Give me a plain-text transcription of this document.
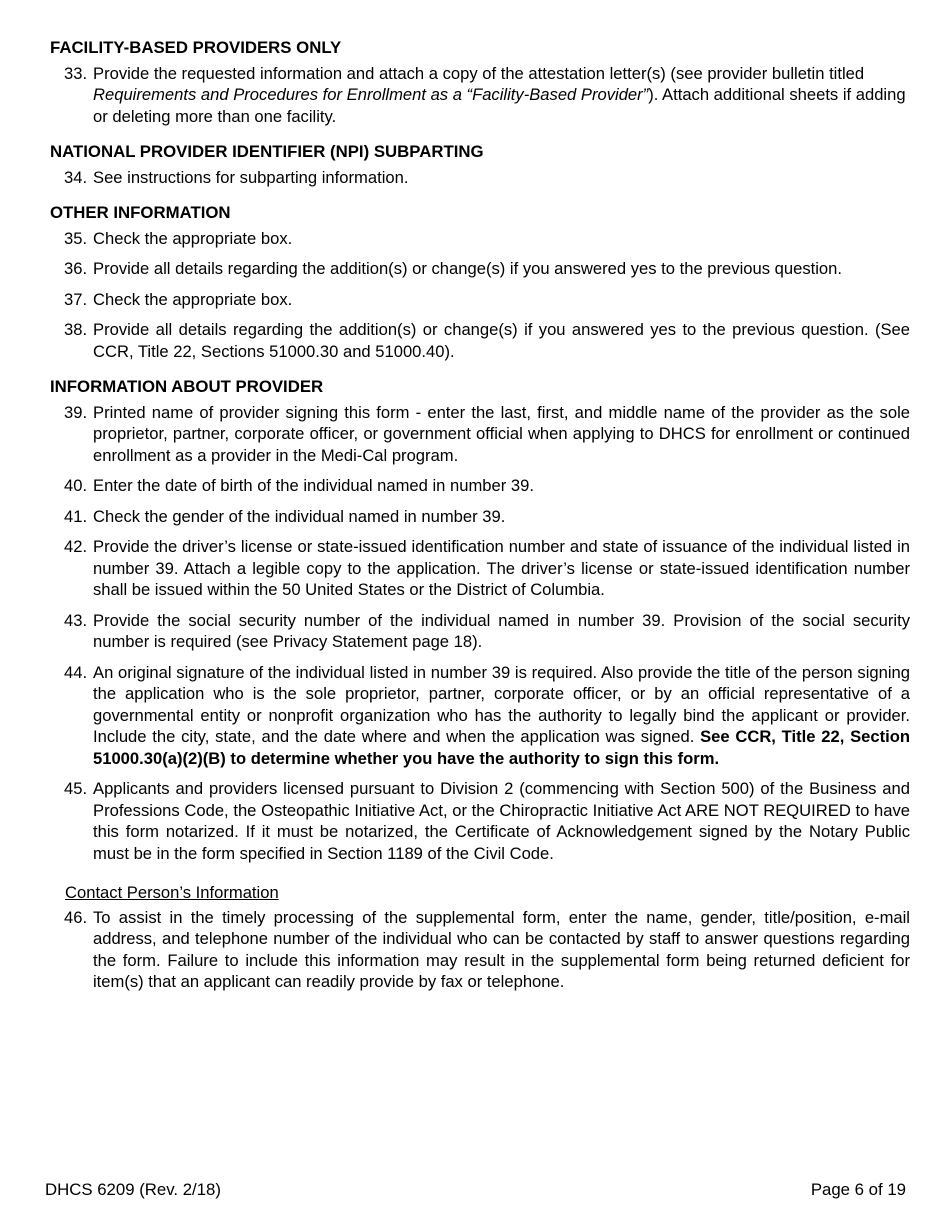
FACILITY-BASED PROVIDERS ONLY
33. Provide the requested information and attach a copy of the attestation letter(s) (see provider bulletin titled Requirements and Procedures for Enrollment as a “Facility-Based Provider”). Attach additional sheets if adding or deleting more than one facility.
NATIONAL PROVIDER IDENTIFIER (NPI) SUBPARTING
34. See instructions for subparting information.
OTHER INFORMATION
35. Check the appropriate box.
36. Provide all details regarding the addition(s) or change(s) if you answered yes to the previous question.
37. Check the appropriate box.
38. Provide all details regarding the addition(s) or change(s) if you answered yes to the previous question. (See CCR, Title 22, Sections 51000.30 and 51000.40).
INFORMATION ABOUT PROVIDER
39. Printed name of provider signing this form - enter the last, first, and middle name of the provider as the sole proprietor, partner, corporate officer, or government official when applying to DHCS for enrollment or continued enrollment as a provider in the Medi-Cal program.
40. Enter the date of birth of the individual named in number 39.
41. Check the gender of the individual named in number 39.
42. Provide the driver’s license or state-issued identification number and state of issuance of the individual listed in number 39. Attach a legible copy to the application. The driver’s license or state-issued identification number shall be issued within the 50 United States or the District of Columbia.
43. Provide the social security number of the individual named in number 39. Provision of the social security number is required (see Privacy Statement page 18).
44. An original signature of the individual listed in number 39 is required. Also provide the title of the person signing the application who is the sole proprietor, partner, corporate officer, or by an official representative of a governmental entity or nonprofit organization who has the authority to legally bind the applicant or provider. Include the city, state, and the date where and when the application was signed. See CCR, Title 22, Section 51000.30(a)(2)(B) to determine whether you have the authority to sign this form.
45. Applicants and providers licensed pursuant to Division 2 (commencing with Section 500) of the Business and Professions Code, the Osteopathic Initiative Act, or the Chiropractic Initiative Act ARE NOT REQUIRED to have this form notarized. If it must be notarized, the Certificate of Acknowledgement signed by the Notary Public must be in the form specified in Section 1189 of the Civil Code.
Contact Person’s Information
46. To assist in the timely processing of the supplemental form, enter the name, gender, title/position, e-mail address, and telephone number of the individual who can be contacted by staff to answer questions regarding the form. Failure to include this information may result in the supplemental form being returned deficient for item(s) that an applicant can readily provide by fax or telephone.
DHCS 6209 (Rev. 2/18)	Page 6 of 19
